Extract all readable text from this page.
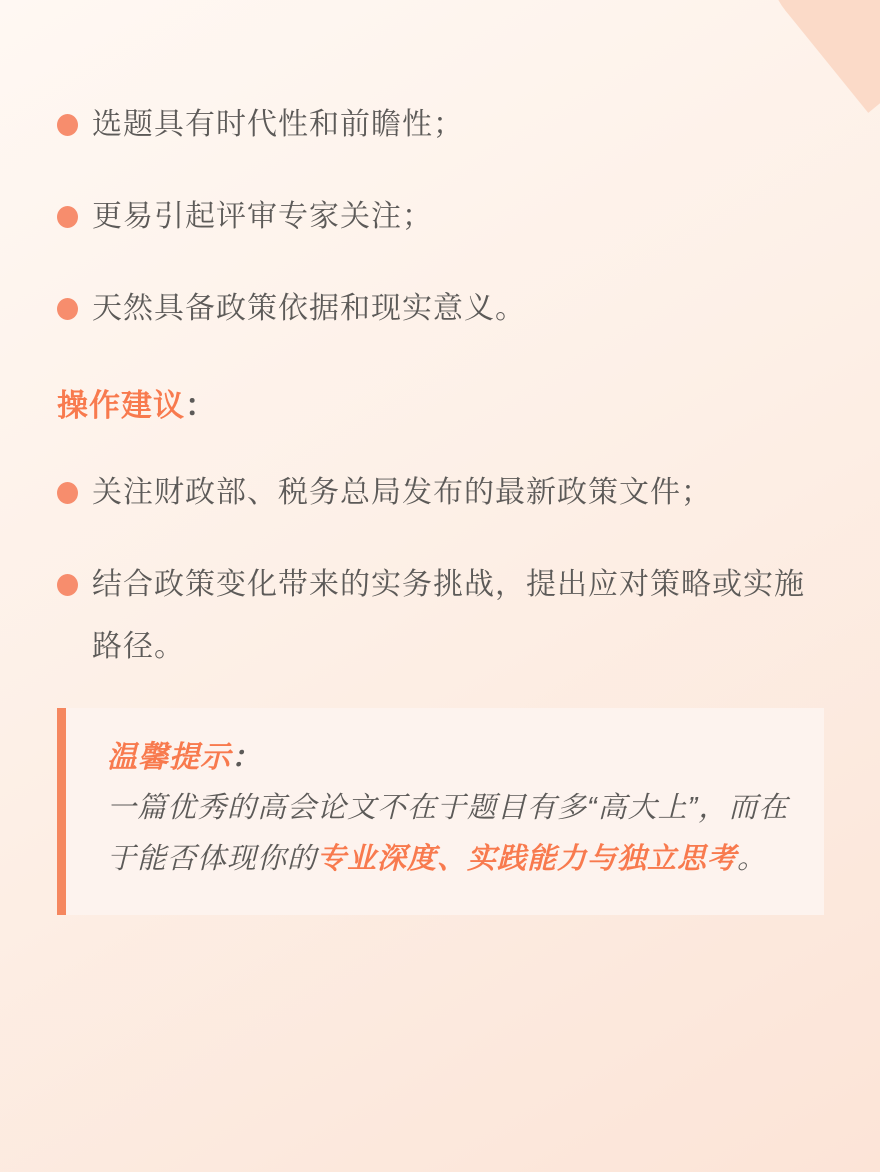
选题具有时代性和前瞻性；
更易引起评审专家关注；
天然具备政策依据和现实意义。
操作建议：
关注财政部、税务总局发布的最新政策文件；
结合政策变化带来的实务挑战，提出应对策略或实施路径。

温馨提示：

一篇优秀的高会论文不在于题目有多“高大上”，而在于能否体现你的专业深度、实践能力与独立思考。
